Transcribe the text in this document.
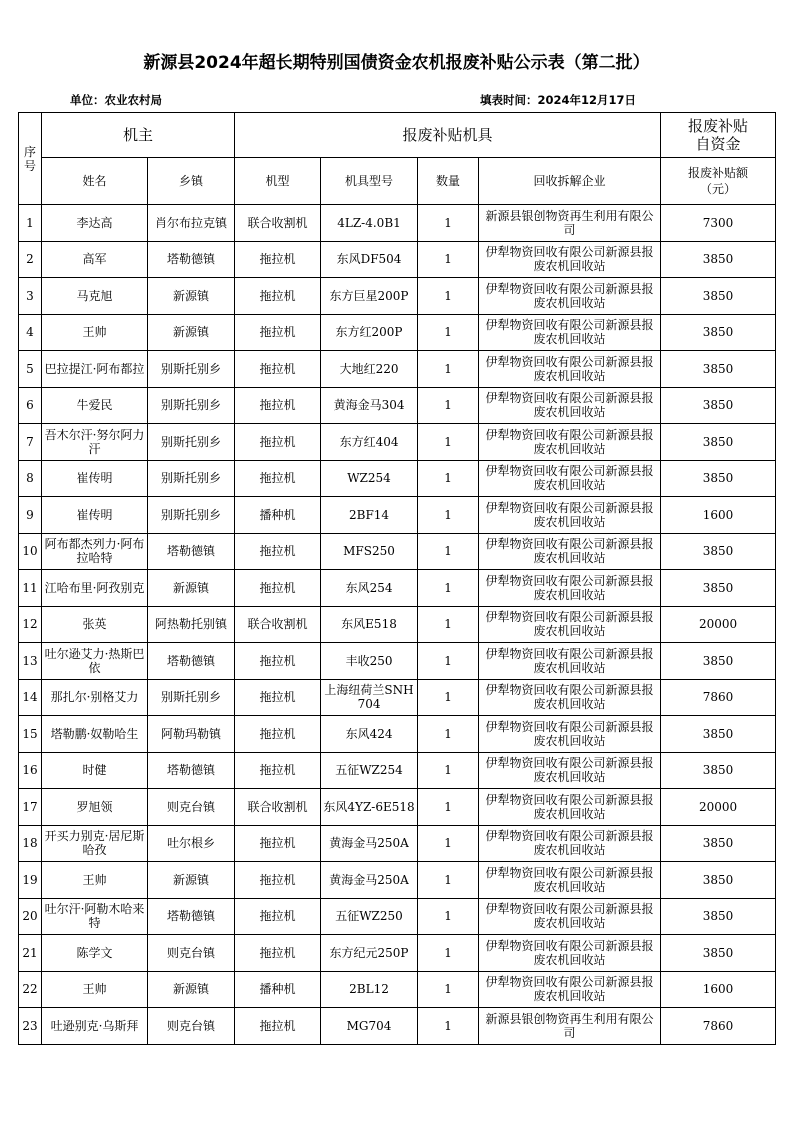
新源县2024年超长期特别国债资金农机报废补贴公示表（第二批）
单位：农业农村局	填表时间：2024年12月17日
序
号	机主		报废补贴机具				报废补贴
自资金
	姓名	乡镇	机型	机具型号	数量	回收拆解企业	报废补贴额
（元）
1	李达高	肖尔布拉克镇	联合收割机	4LZ-4.0B1	1	新源县银创物资再生利用有限公司	7300
2	高军	塔勒德镇	拖拉机	东风DF504	1	伊犁物资回收有限公司新源县报废农机回收站	3850
3	马克旭	新源镇	拖拉机	东方巨星200P	1	伊犁物资回收有限公司新源县报废农机回收站	3850
4	王帅	新源镇	拖拉机	东方红200P	1	伊犁物资回收有限公司新源县报废农机回收站	3850
5	巴拉提江·阿布都拉	别斯托别乡	拖拉机	大地红220	1	伊犁物资回收有限公司新源县报废农机回收站	3850
6	牛爱民	别斯托别乡	拖拉机	黄海金马304	1	伊犁物资回收有限公司新源县报废农机回收站	3850
7	吾木尔汗·努尔阿力汗	别斯托别乡	拖拉机	东方红404	1	伊犁物资回收有限公司新源县报废农机回收站	3850
8	崔传明	别斯托别乡	拖拉机	WZ254	1	伊犁物资回收有限公司新源县报废农机回收站	3850
9	崔传明	别斯托别乡	播种机	2BF14	1	伊犁物资回收有限公司新源县报废农机回收站	1600
10	阿布都杰列力·阿布拉哈特	塔勒德镇	拖拉机	MFS250	1	伊犁物资回收有限公司新源县报废农机回收站	3850
11	江哈布里·阿孜别克	新源镇	拖拉机	东风254	1	伊犁物资回收有限公司新源县报废农机回收站	3850
12	张英	阿热勒托别镇	联合收割机	东风E518	1	伊犁物资回收有限公司新源县报废农机回收站	20000
13	吐尔逊艾力·热斯巴依	塔勒德镇	拖拉机	丰收250	1	伊犁物资回收有限公司新源县报废农机回收站	3850
14	那扎尔·别格艾力	别斯托别乡	拖拉机	上海纽荷兰SNH704	1	伊犁物资回收有限公司新源县报废农机回收站	7860
15	塔勒鹏·奴勒哈生	阿勒玛勒镇	拖拉机	东风424	1	伊犁物资回收有限公司新源县报废农机回收站	3850
16	时健	塔勒德镇	拖拉机	五征WZ254	1	伊犁物资回收有限公司新源县报废农机回收站	3850
17	罗旭领	则克台镇	联合收割机	东风4YZ-6E518	1	伊犁物资回收有限公司新源县报废农机回收站	20000
18	开买力别克·居尼斯哈孜	吐尔根乡	拖拉机	黄海金马250A	1	伊犁物资回收有限公司新源县报废农机回收站	3850
19	王帅	新源镇	拖拉机	黄海金马250A	1	伊犁物资回收有限公司新源县报废农机回收站	3850
20	吐尔汗·阿勒木哈来特	塔勒德镇	拖拉机	五征WZ250	1	伊犁物资回收有限公司新源县报废农机回收站	3850
21	陈学文	则克台镇	拖拉机	东方纪元250P	1	伊犁物资回收有限公司新源县报废农机回收站	3850
22	王帅	新源镇	播种机	2BL12	1	伊犁物资回收有限公司新源县报废农机回收站	1600
23	吐逊别克·乌斯拜	则克台镇	拖拉机	MG704	1	新源县银创物资再生利用有限公司	7860
